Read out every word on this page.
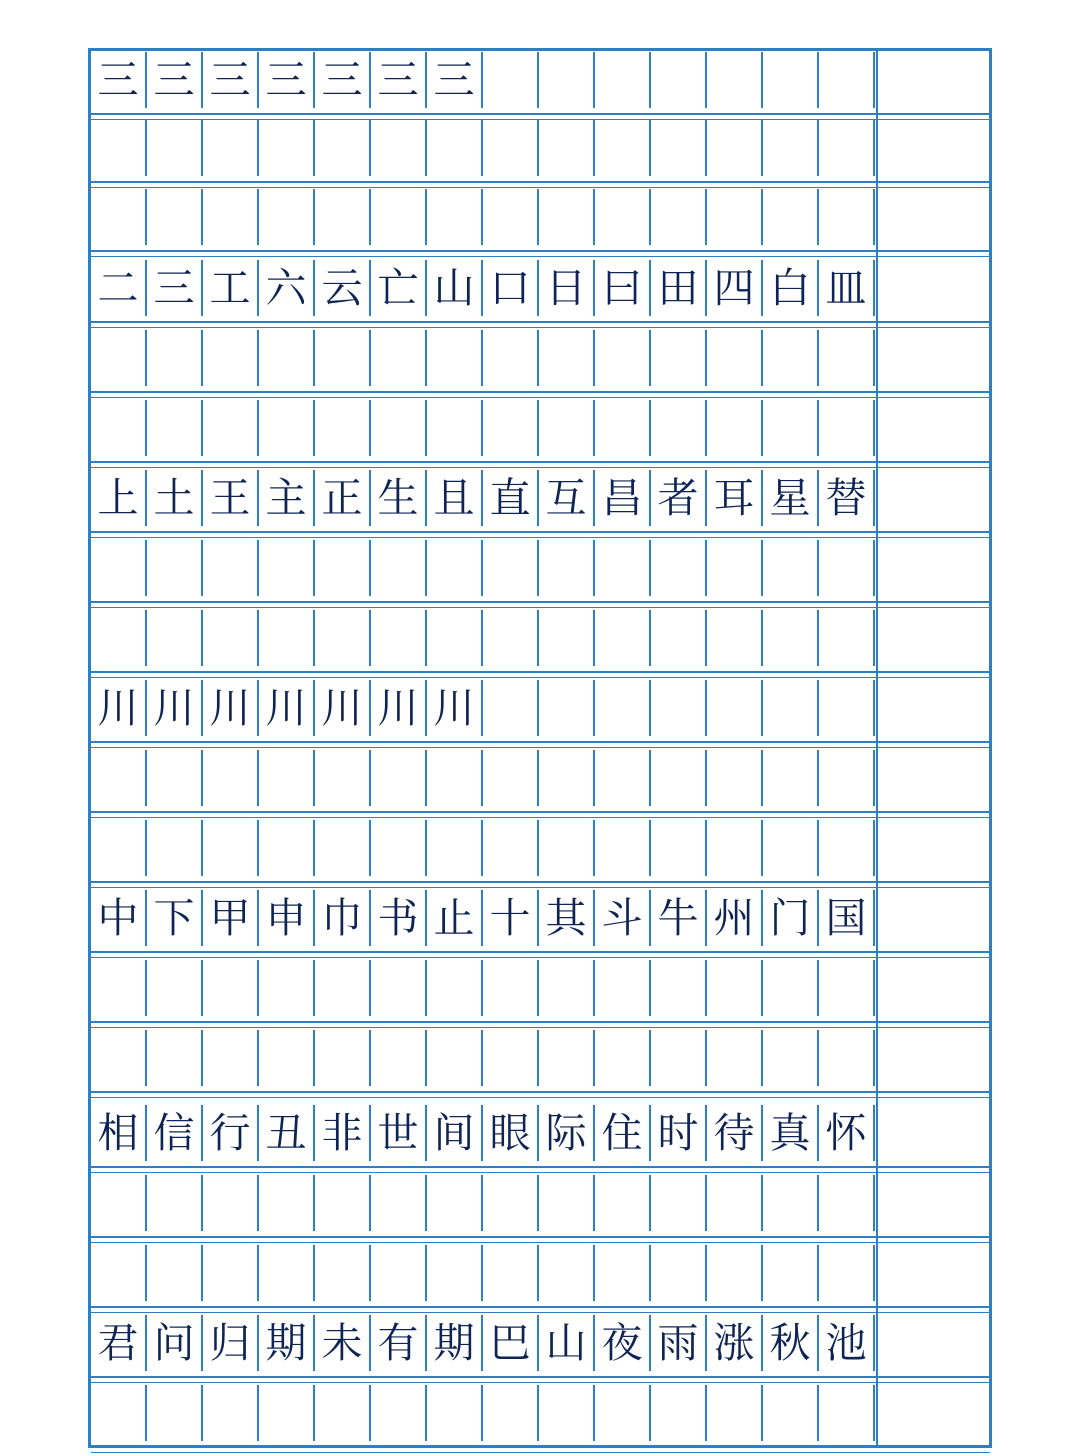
三 三 三 三 三 三 三
二 三 工 六 云 亡 山 口 日 曰 田 四 白 皿
上 土 王 主 正 生 且 直 互 昌 者 耳 星 替
川 川 川 川 川 川 川
中 下 甲 申 巾 书 止 十 其 斗 牛 州 门 国
相 信 行 丑 非 世 间 眼 际 住 时 待 真 怀
君 问 归 期 未 有 期 巴 山 夜 雨 涨 秋 池
